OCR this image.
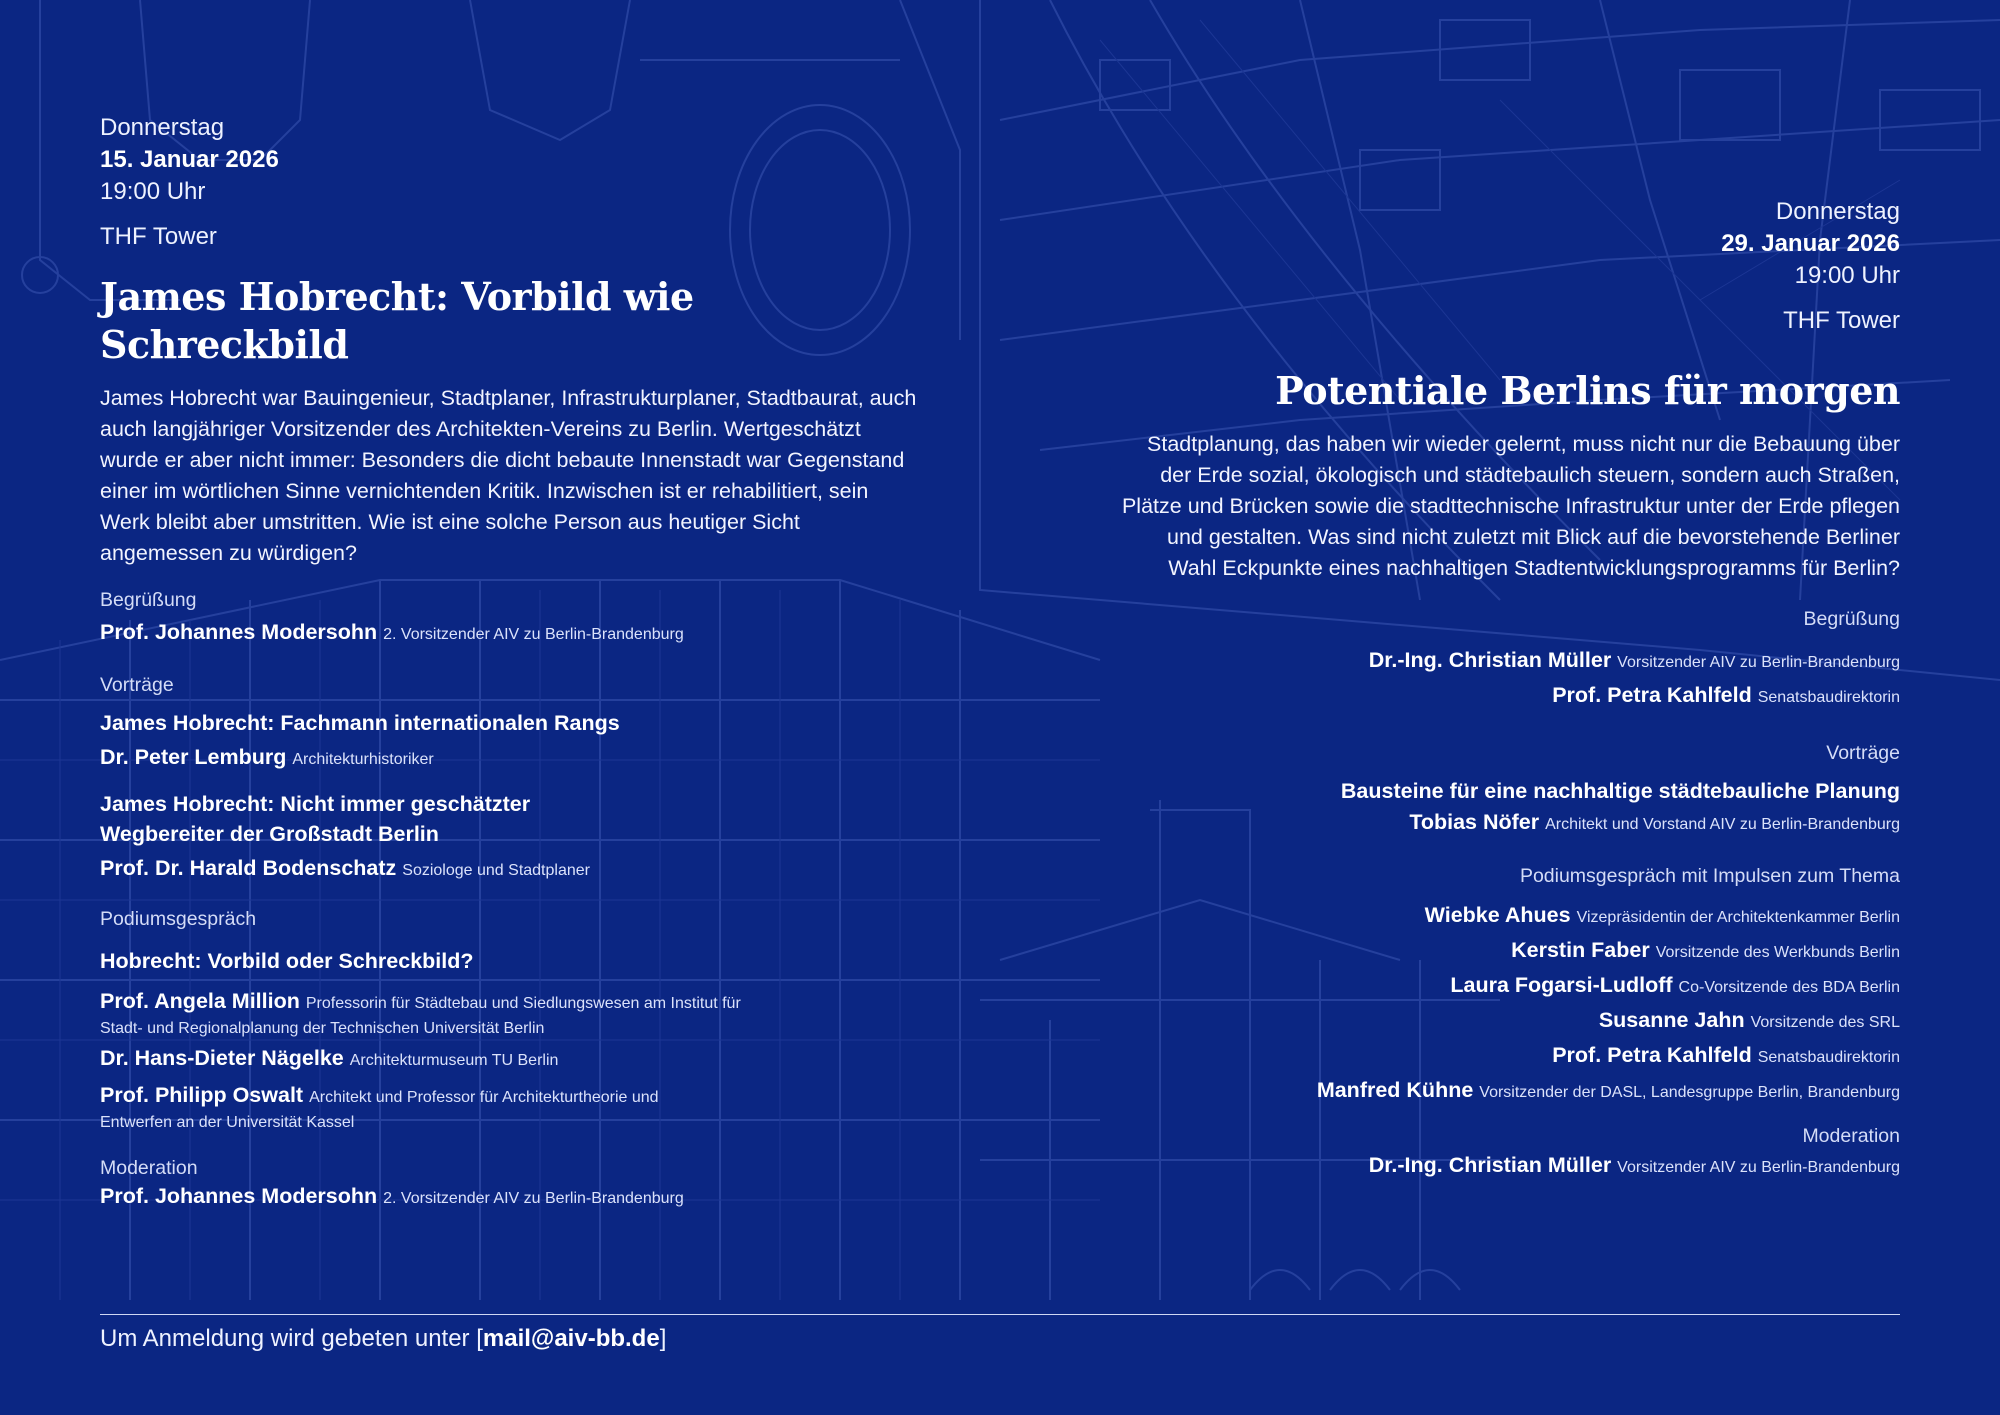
Donnerstag
15. Januar 2026
19:00 Uhr
THF Tower
James Hobrecht: Vorbild wie Schreckbild
James Hobrecht war Bauingenieur, Stadtplaner, Infrastrukturplaner, Stadtbaurat, auch auch langjähriger Vorsitzender des Architekten-Vereins zu Berlin. Wertgeschätzt wurde er aber nicht immer: Besonders die dicht bebaute Innenstadt war Gegenstand einer im wörtlichen Sinne vernichtenden Kritik. Inzwischen ist er rehabilitiert, sein Werk bleibt aber umstritten. Wie ist eine solche Person aus heutiger Sicht angemessen zu würdigen?
Begrüßung
Prof. Johannes Modersohn 2. Vorsitzender AIV zu Berlin-Brandenburg
Vorträge
James Hobrecht: Fachmann internationalen Rangs
Dr. Peter Lemburg Architekturhistoriker
James Hobrecht: Nicht immer geschätzter
Wegbereiter der Großstadt Berlin
Prof. Dr. Harald Bodenschatz Soziologe und Stadtplaner
Podiumsgespräch
Hobrecht: Vorbild oder Schreckbild?
Prof. Angela Million Professorin für Städtebau und Siedlungswesen am Institut für
Stadt- und Regionalplanung der Technischen Universität Berlin
Dr. Hans-Dieter Nägelke Architekturmuseum TU Berlin
Prof. Philipp Oswalt Architekt und Professor für Architekturtheorie und
Entwerfen an der Universität Kassel
Moderation
Prof. Johannes Modersohn 2. Vorsitzender AIV zu Berlin-Brandenburg
Donnerstag
29. Januar 2026
19:00 Uhr
THF Tower
Potentiale Berlins für morgen
Stadtplanung, das haben wir wieder gelernt, muss nicht nur die Bebauung über der Erde sozial, ökologisch und städtebaulich steuern, sondern auch Straßen, Plätze und Brücken sowie die stadttechnische Infrastruktur unter der Erde pflegen und gestalten. Was sind nicht zuletzt mit Blick auf die bevorstehende Berliner Wahl Eckpunkte eines nachhaltigen Stadtentwicklungsprogramms für Berlin?
Begrüßung
Dr.-Ing. Christian Müller Vorsitzender AIV zu Berlin-Brandenburg
Prof. Petra Kahlfeld Senatsbaudirektorin
Vorträge
Bausteine für eine nachhaltige städtebauliche Planung
Tobias Nöfer Architekt und Vorstand AIV zu Berlin-Brandenburg
Podiumsgespräch mit Impulsen zum Thema
Wiebke Ahues Vizepräsidentin der Architektenkammer Berlin
Kerstin Faber Vorsitzende des Werkbunds Berlin
Laura Fogarsi-Ludloff Co-Vorsitzende des BDA Berlin
Susanne Jahn Vorsitzende des SRL
Prof. Petra Kahlfeld Senatsbaudirektorin
Manfred Kühne Vorsitzender der DASL, Landesgruppe Berlin, Brandenburg
Moderation
Dr.-Ing. Christian Müller Vorsitzender AIV zu Berlin-Brandenburg
Um Anmeldung wird gebeten unter [mail@aiv-bb.de]
